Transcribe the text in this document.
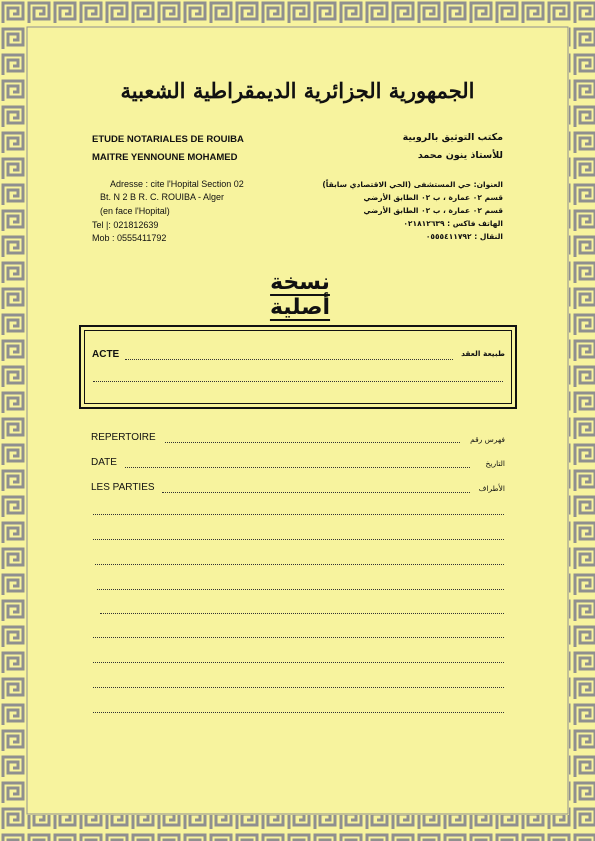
الجمهورية الجزائرية الديمقراطية الشعبية
ETUDE NOTARIALES DE ROUIBA
MAITRE YENNOUNE MOHAMED
مكتب التوثيق بالروبية
للأستاذ ينون محمد
Adresse : cite l'Hopital Section 02
Bt. N 2 B R. C. ROUIBA - Alger
(en face l'Hopital)
Tel |: 021812639
Mob : 0555411792
العنوان: حي المستشفى (الحي الاقتصادي سابقاً)
قسم ٠٢ عمارة ، ب ٠٢ الطابق الأرضي
قسم ٠٢ عمارة ، ب ٠٢ الطابق الأرضي
الهاتف فاكس : ٠٢١٨١٢٦٣٩
النقال : ٠٥٥٥٤١١٧٩٢
نسخة أصلية
ACTE	طبيعة العقد
REPERTOIRE	فهرس رقم
DATE	التاريخ
LES PARTIES	الأطراف
